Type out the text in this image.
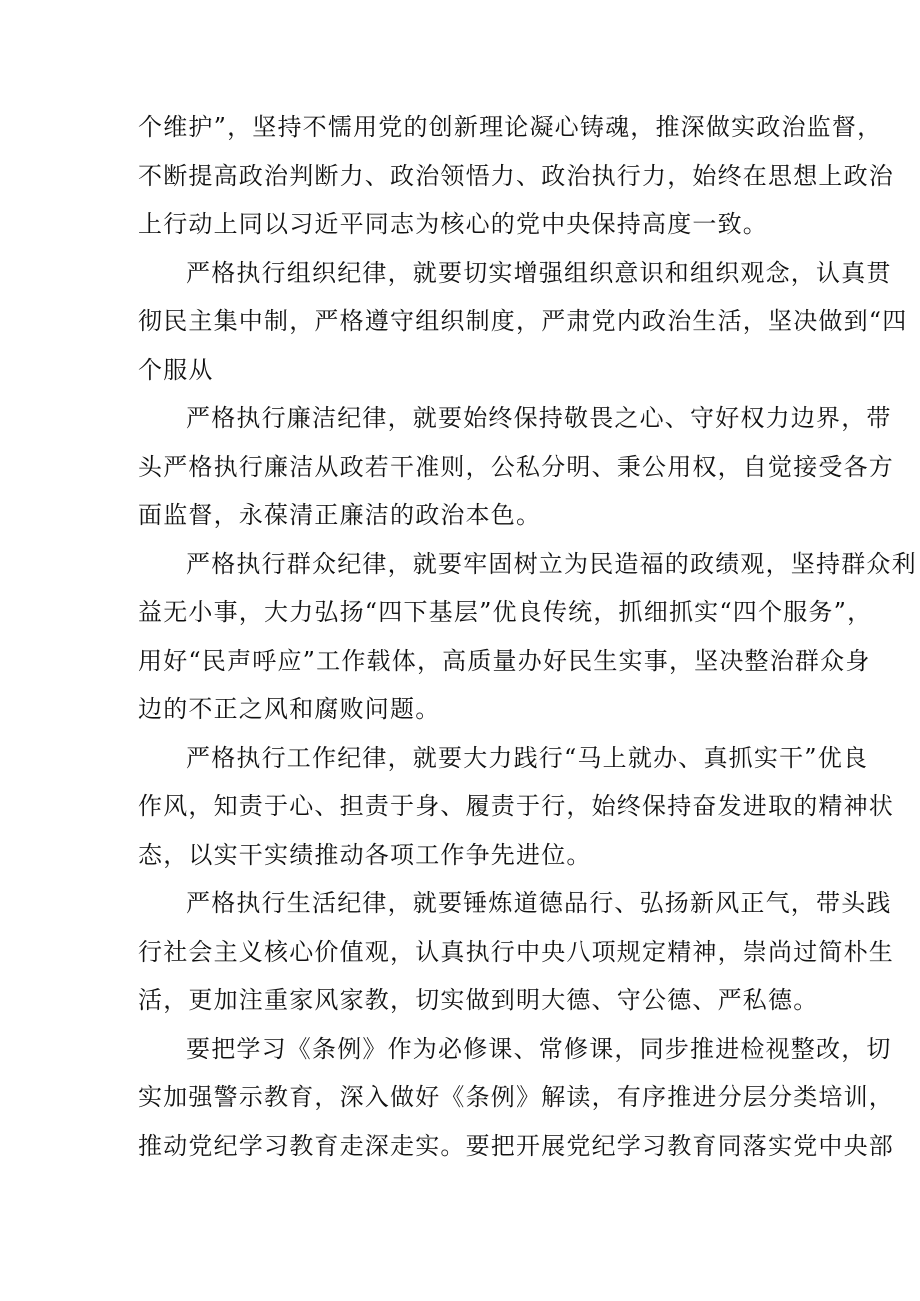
个维护”，坚持不懦用党的创新理论凝心铸魂，推深做实政治监督，
不断提高政治判断力、政治领悟力、政治执行力，始终在思想上政治
上行动上同以习近平同志为核心的党中央保持高度一致。
严格执行组织纪律，就要切实增强组织意识和组织观念，认真贯
彻民主集中制，严格遵守组织制度，严肃党内政治生活，坚决做到“四
个服从
严格执行廉洁纪律，就要始终保持敬畏之心、守好权力边界，带
头严格执行廉洁从政若干准则，公私分明、秉公用权，自觉接受各方
面监督，永葆清正廉洁的政治本色。
严格执行群众纪律，就要牢固树立为民造福的政绩观，坚持群众利
益无小事，大力弘扬“四下基层”优良传统，抓细抓实“四个服务”，
用好“民声呼应”工作载体，高质量办好民生实事，坚决整治群众身
边的不正之风和腐败问题。
严格执行工作纪律，就要大力践行“马上就办、真抓实干”优良
作风，知责于心、担责于身、履责于行，始终保持奋发进取的精神状
态，以实干实绩推动各项工作争先进位。
严格执行生活纪律，就要锤炼道德品行、弘扬新风正气，带头践
行社会主义核心价值观，认真执行中央八项规定精神，崇尚过简朴生
活，更加注重家风家教，切实做到明大德、守公德、严私德。
要把学习《条例》作为必修课、常修课，同步推进检视整改，切
实加强警示教育，深入做好《条例》解读，有序推进分层分类培训，
推动党纪学习教育走深走实。要把开展党纪学习教育同落实党中央部
